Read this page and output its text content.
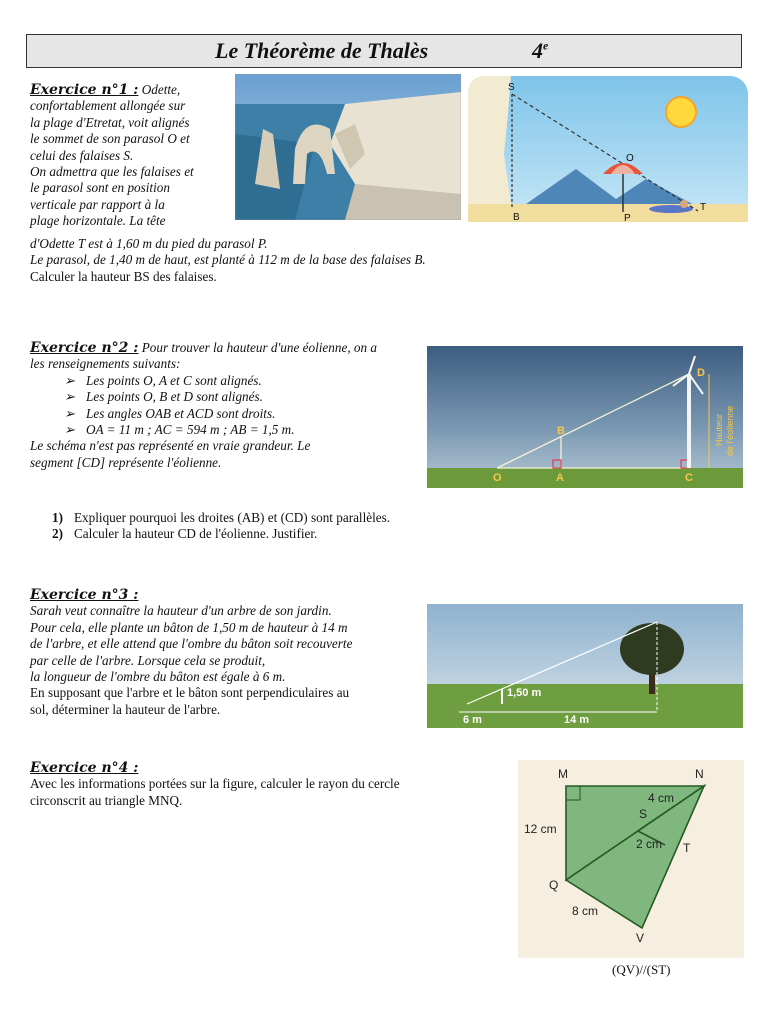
Le Théorème de Thalès	4e
Exercice n°1 : Odette,
confortablement allongée sur
la plage d'Etretat, voit alignés
le sommet de son parasol O et
celui des falaises S.
On admettra que les falaises et
le parasol sont en position
verticale par rapport à la
plage horizontale. La tête
d'Odette T est à 1,60 m du pied du parasol P.
Le parasol, de 1,40 m de haut, est planté à 112 m de la base des falaises B.
Calculer la hauteur BS des falaises.
S
O
B	P
T
Exercice n°2 : Pour trouver la hauteur d'une éolienne, on a
les renseignements suivants:
➢ Les points O, A et C sont alignés.
➢ Les points O, B et D sont alignés.
➢ Les angles OAB et ACD sont droits.
➢ OA = 11 m ; AC = 594 m ; AB = 1,5 m.
Le schéma n'est pas représenté en vraie grandeur. Le
segment [CD] représente l'éolienne.
O	A	C
B
D
Hauteur de l'éolienne
1) Expliquer pourquoi les droites (AB) et (CD) sont parallèles.
2) Calculer la hauteur CD de l'éolienne. Justifier.
Exercice n°3 :
Sarah veut connaître la hauteur d'un arbre de son jardin.
Pour cela, elle plante un bâton de 1,50 m de hauteur à 14 m
de l'arbre, et elle attend que l'ombre du bâton soit recouverte
par celle de l'arbre. Lorsque cela se produit,
la longueur de l'ombre du bâton est égale à 6 m.
En supposant que l'arbre et le bâton sont perpendiculaires au
sol, déterminer la hauteur de l'arbre.
1,50 m
6 m	14 m
Exercice n°4 :
Avec les informations portées sur la figure, calculer le rayon du cercle
circonscrit au triangle MNQ.
M	N
Q
V
S
T
12 cm
4 cm
2 cm
8 cm
(QV)//(ST)
